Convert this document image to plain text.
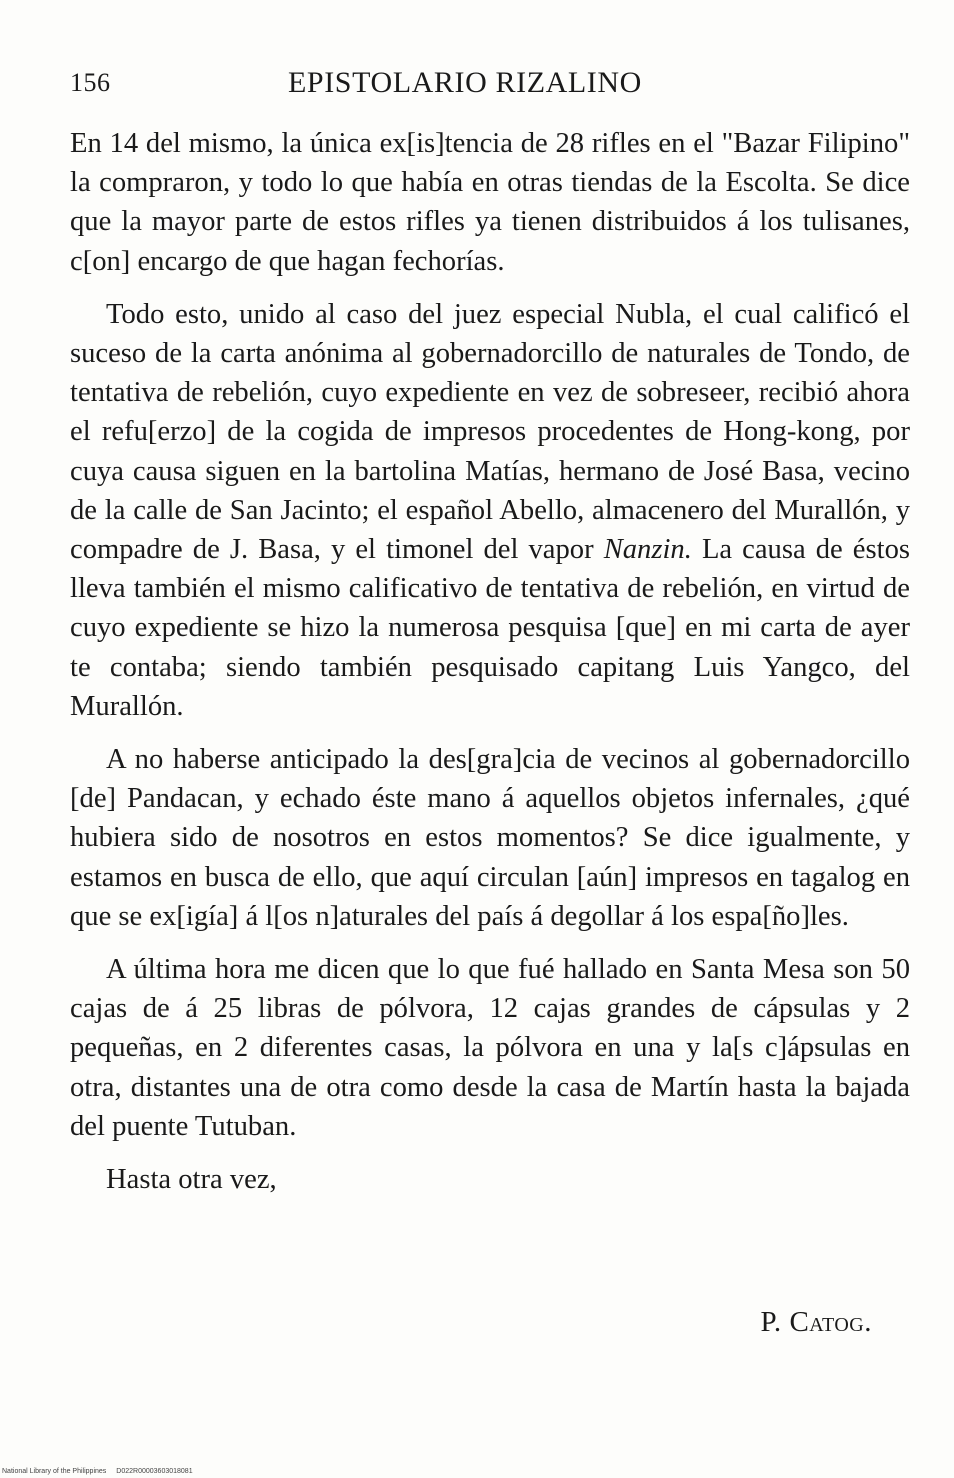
156	EPISTOLARIO RIZALINO

En 14 del mismo, la única ex[is]tencia de 28 rifles en el "Bazar Filipino" la compraron, y todo lo que había en otras tiendas de la Escolta. Se dice que la mayor parte de estos rifles ya tienen distribuidos á los tulisanes, c[on] encargo de que hagan fechorías.

Todo esto, unido al caso del juez especial Nubla, el cual calificó el suceso de la carta anónima al gobernadorcillo de naturales de Tondo, de tentativa de rebelión, cuyo expediente en vez de sobreseer, recibió ahora el refu[erzo] de la cogida de impresos procedentes de Hong-kong, por cuya causa siguen en la bartolina Matías, hermano de José Basa, vecino de la calle de San Jacinto; el español Abello, almacenero del Murallón, y compadre de J. Basa, y el timonel del vapor Nanzin. La causa de éstos lleva también el mismo calificativo de tentativa de rebelión, en virtud de cuyo expediente se hizo la numerosa pesquisa [que] en mi carta de ayer te contaba; siendo también pesquisado capitang Luis Yangco, del Murallón.

A no haberse anticipado la des[gra]cia de vecinos al gobernadorcillo [de] Pandacan, y echado éste mano á aquellos objetos infernales, ¿qué hubiera sido de nosotros en estos momentos? Se dice igualmente, y estamos en busca de ello, que aquí circulan [aún] impresos en tagalog en que se ex[igía] á l[os n]aturales del país á degollar á los espa[ño]les.

A última hora me dicen que lo que fué hallado en Santa Mesa son 50 cajas de á 25 libras de pólvora, 12 cajas grandes de cápsulas y 2 pequeñas, en 2 diferentes casas, la pólvora en una y la[s c]ápsulas en otra, distantes una de otra como desde la casa de Martín hasta la bajada del puente Tutuban.

Hasta otra vez,

P. Catog.
National Library of the Philippines D022R00003603018081
